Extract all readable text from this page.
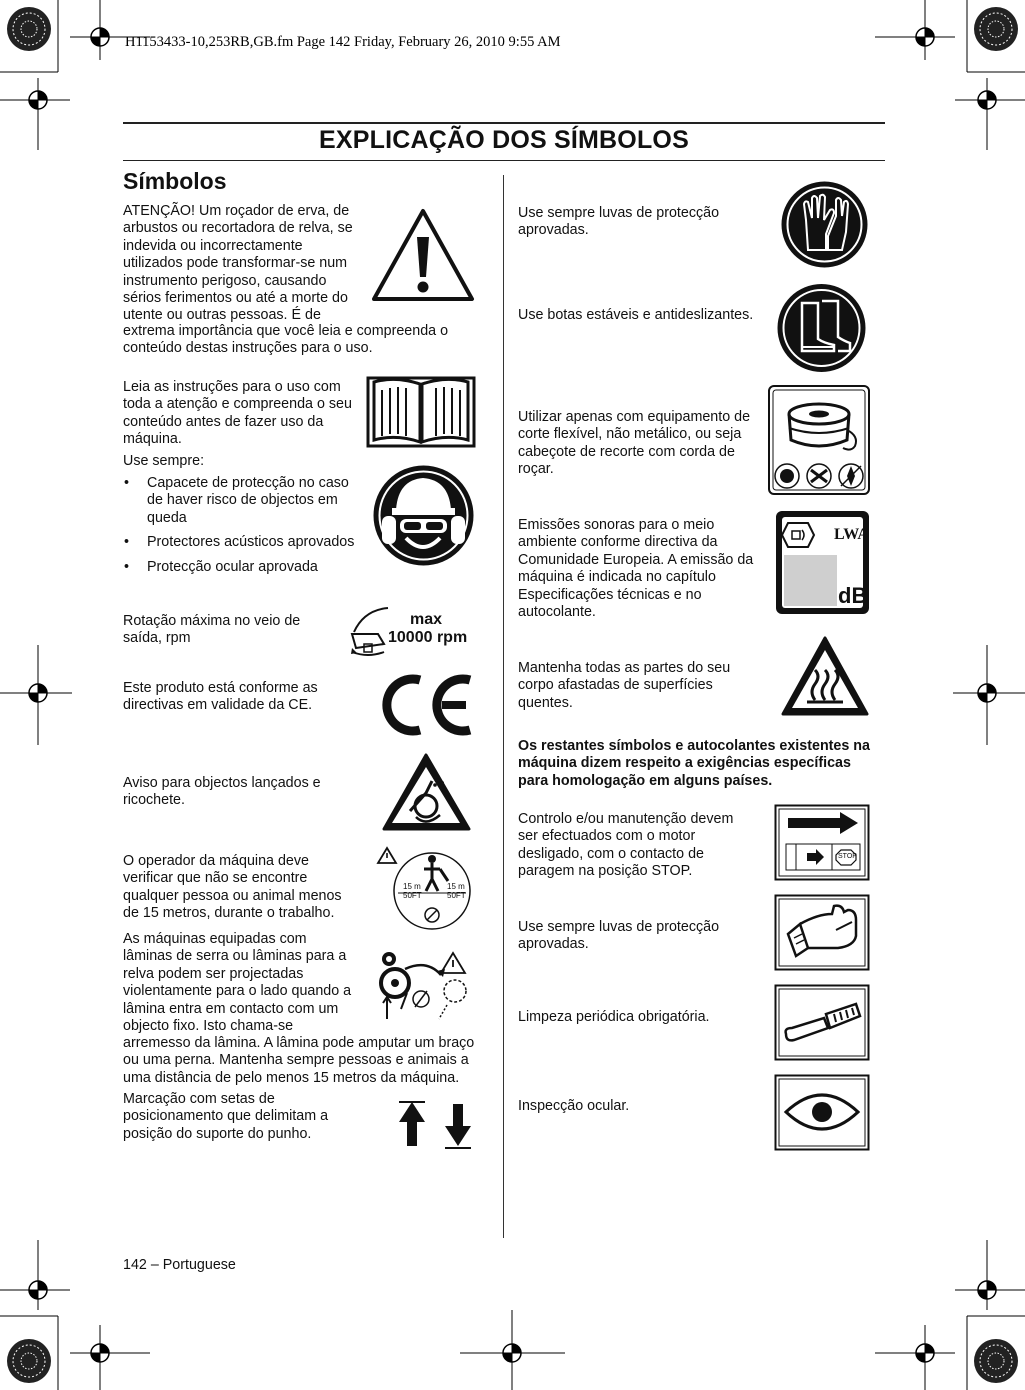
H1153433-10,253RB,GB.fm Page 142 Friday, February 26, 2010 9:55 AM
EXPLICAÇÃO DOS SÍMBOLOS
Símbolos
ATENÇÃO! Um roçador de erva, de arbustos ou recortadora de relva, se indevida ou incorrectamente utilizados pode transformar-se num instrumento perigoso, causando sérios ferimentos ou até a morte do utente ou outras pessoas. É de
extrema importância que você leia e compreenda o conteúdo destas instruções para o uso.
Leia as instruções para o uso com toda a atenção e compreenda o seu conteúdo antes de fazer uso da máquina.
Use sempre:
• Capacete de protecção no caso de haver risco de objectos em queda
• Protectores acústicos aprovados
• Protecção ocular aprovada
Rotação máxima no veio de saída, rpm
max
10000 rpm
Este produto está conforme as directivas em validade da CE.
Aviso para objectos lançados e ricochete.
O operador da máquina deve verificar que não se encontre qualquer pessoa ou animal menos de 15 metros, durante o trabalho.
15 m
50FT
15 m
50FT
As máquinas equipadas com lâminas de serra ou lâminas para a relva podem ser projectadas violentamente para o lado quando a lâmina entra em contacto com um objecto fixo. Isto chama-se
arremesso da lâmina. A lâmina pode amputar um braço ou uma perna. Mantenha sempre pessoas e animais a uma distância de pelo menos 15 metros da máquina.
Marcação com setas de posicionamento que delimitam a posição do suporte do punho.
Use sempre luvas de protecção aprovadas.
Use botas estáveis e antideslizantes.
Utilizar apenas com equipamento de corte flexível, não metálico, ou seja cabeçote de recorte com corda de roçar.
Emissões sonoras para o meio ambiente conforme directiva da Comunidade Europeia. A emissão da máquina é indicada no capítulo Especificações técnicas e no autocolante.
LWA
dB
Mantenha todas as partes do seu corpo afastadas de superfícies quentes.
Os restantes símbolos e autocolantes existentes na máquina dizem respeito a exigências específicas para homologação em alguns países.
Controlo e/ou manutenção devem ser efectuados com o motor desligado, com o contacto de paragem na posição STOP.
STOP
Use sempre luvas de protecção aprovadas.
Limpeza periódica obrigatória.
Inspecção ocular.
142 – Portuguese
